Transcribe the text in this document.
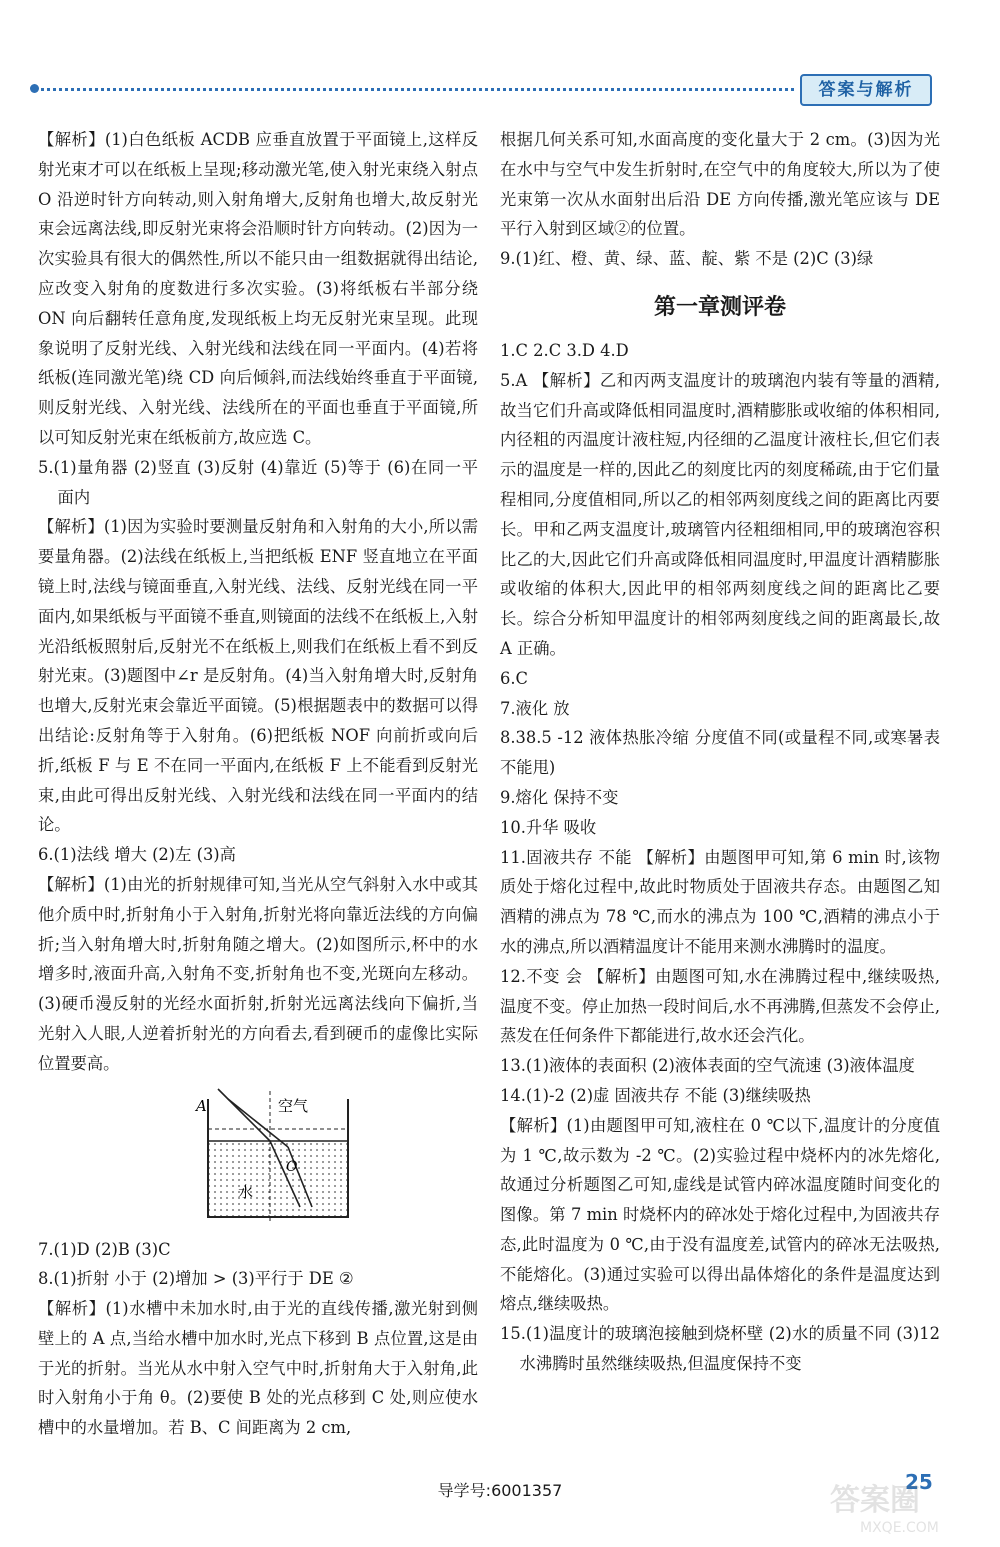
答案与解析

【解析】(1)白色纸板 ACDB 应垂直放置于平面镜上,这样反射光束才可以在纸板上呈现;移动激光笔,使入射光束绕入射点 O 沿逆时针方向转动,则入射角增大,反射角也增大,故反射光束会远离法线,即反射光束将会沿顺时针方向转动。(2)因为一次实验具有很大的偶然性,所以不能只由一组数据就得出结论,应改变入射角的度数进行多次实验。(3)将纸板右半部分绕 ON 向后翻转任意角度,发现纸板上均无反射光束呈现。此现象说明了反射光线、入射光线和法线在同一平面内。(4)若将纸板(连同激光笔)绕 CD 向后倾斜,而法线始终垂直于平面镜,则反射光线、入射光线、法线所在的平面也垂直于平面镜,所以可知反射光束在纸板前方,故应选 C。

5.(1)量角器 (2)竖直 (3)反射 (4)靠近 (5)等于 (6)在同一平面内

【解析】(1)因为实验时要测量反射角和入射角的大小,所以需要量角器。(2)法线在纸板上,当把纸板 ENF 竖直地立在平面镜上时,法线与镜面垂直,入射光线、法线、反射光线在同一平面内,如果纸板与平面镜不垂直,则镜面的法线不在纸板上,入射光沿纸板照射后,反射光不在纸板上,则我们在纸板上看不到反射光束。(3)题图中∠r 是反射角。(4)当入射角增大时,反射角也增大,反射光束会靠近平面镜。(5)根据题表中的数据可以得出结论:反射角等于入射角。(6)把纸板 NOF 向前折或向后折,纸板 F 与 E 不在同一平面内,在纸板 F 上不能看到反射光束,由此可得出反射光线、入射光线和法线在同一平面内的结论。

6.(1)法线 增大 (2)左 (3)高

【解析】(1)由光的折射规律可知,当光从空气斜射入水中或其他介质中时,折射角小于入射角,折射光将向靠近法线的方向偏折;当入射角增大时,折射角随之增大。(2)如图所示,杯中的水增多时,液面升高,入射角不变,折射角也不变,光斑向左移动。(3)硬币漫反射的光经水面折射,折射光远离法线向下偏折,当光射入人眼,人逆着折射光的方向看去,看到硬币的虚像比实际位置要高。

A	空气
O
水

7.(1)D (2)B (3)C

8.(1)折射 小于 (2)增加 > (3)平行于 DE ②

【解析】(1)水槽中未加水时,由于光的直线传播,激光射到侧壁上的 A 点,当给水槽中加水时,光点下移到 B 点位置,这是由于光的折射。当光从水中射入空气中时,折射角大于入射角,此时入射角小于角 θ。(2)要使 B 处的光点移到 C 处,则应使水槽中的水量增加。若 B、C 间距离为 2 cm,

根据几何关系可知,水面高度的变化量大于 2 cm。(3)因为光在水中与空气中发生折射时,在空气中的角度较大,所以为了使光束第一次从水面射出后沿 DE 方向传播,激光笔应该与 DE 平行入射到区域②的位置。

9.(1)红、橙、黄、绿、蓝、靛、紫 不是 (2)C (3)绿

第一章测评卷

1.C 2.C 3.D 4.D

5.A 【解析】乙和丙两支温度计的玻璃泡内装有等量的酒精,故当它们升高或降低相同温度时,酒精膨胀或收缩的体积相同,内径粗的丙温度计液柱短,内径细的乙温度计液柱长,但它们表示的温度是一样的,因此乙的刻度比丙的刻度稀疏,由于它们量程相同,分度值相同,所以乙的相邻两刻度线之间的距离比丙要长。甲和乙两支温度计,玻璃管内径粗细相同,甲的玻璃泡容积比乙的大,因此它们升高或降低相同温度时,甲温度计酒精膨胀或收缩的体积大,因此甲的相邻两刻度线之间的距离比乙要长。综合分析知甲温度计的相邻两刻度线之间的距离最长,故 A 正确。

6.C

7.液化 放

8.38.5 -12 液体热胀冷缩 分度值不同(或量程不同,或寒暑表不能甩)

9.熔化 保持不变

10.升华 吸收

11.固液共存 不能 【解析】由题图甲可知,第 6 min 时,该物质处于熔化过程中,故此时物质处于固液共存态。由题图乙知酒精的沸点为 78 ℃,而水的沸点为 100 ℃,酒精的沸点小于水的沸点,所以酒精温度计不能用来测水沸腾时的温度。

12.不变 会 【解析】由题图可知,水在沸腾过程中,继续吸热,温度不变。停止加热一段时间后,水不再沸腾,但蒸发不会停止,蒸发在任何条件下都能进行,故水还会汽化。

13.(1)液体的表面积 (2)液体表面的空气流速 (3)液体温度

14.(1)-2 (2)虚 固液共存 不能 (3)继续吸热

【解析】(1)由题图甲可知,液柱在 0 ℃以下,温度计的分度值为 1 ℃,故示数为 -2 ℃。(2)实验过程中烧杯内的冰先熔化,故通过分析题图乙可知,虚线是试管内碎冰温度随时间变化的图像。第 7 min 时烧杯内的碎冰处于熔化过程中,为固液共存态,此时温度为 0 ℃,由于没有温度差,试管内的碎冰无法吸热,不能熔化。(3)通过实验可以得出晶体熔化的条件是温度达到熔点,继续吸热。

15.(1)温度计的玻璃泡接触到烧杯壁 (2)水的质量不同 (3)12 水沸腾时虽然继续吸热,但温度保持不变

导学号:6001357	25
答案圈
MXQE.COM
